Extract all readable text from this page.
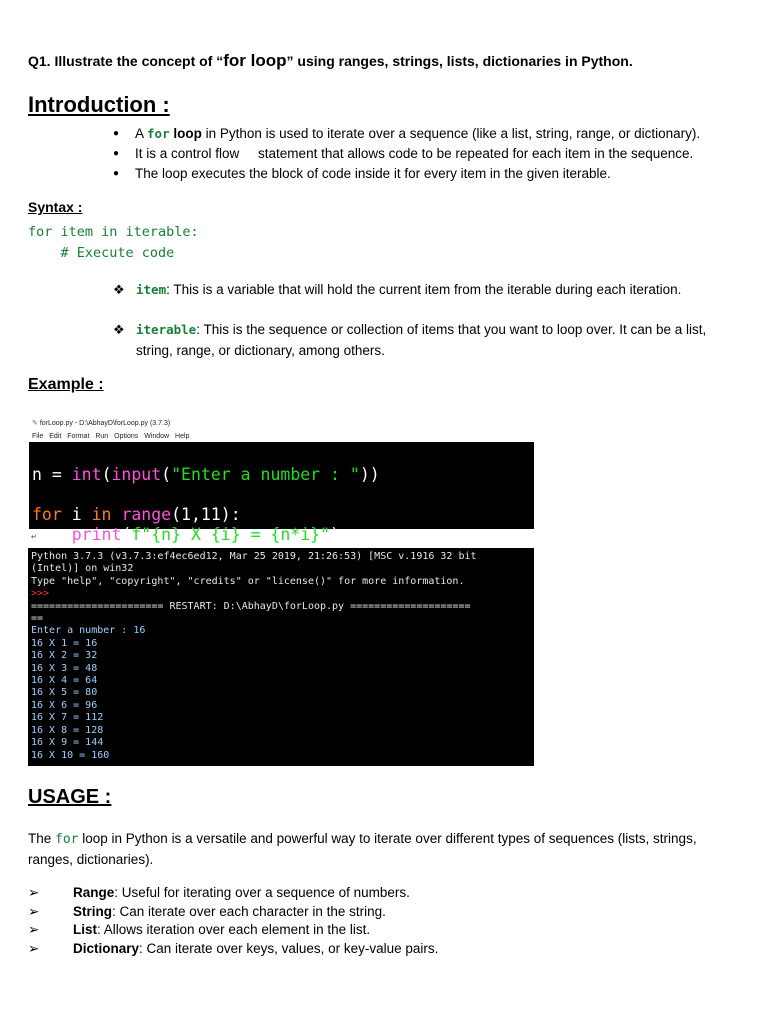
Q1. Illustrate the concept of “for loop” using ranges, strings, lists, dictionaries in Python.
Introduction :
● A for loop in Python is used to iterate over a sequence (like a list, string, range, or dictionary).
● It is a control flow     statement that allows code to be repeated for each item in the sequence.
● The loop executes the block of code inside it for every item in the given iterable.
Syntax :
for item in iterable:
# Execute code
❖ item: This is a variable that will hold the current item from the iterable during each iteration.
❖ iterable: This is the sequence or collection of items that you want to loop over. It can be a list,
string, range, or dictionary, among others.
Example :
✎ forLoop.py - D:\AbhayD\forLoop.py (3.7.3)
File Edit Format Run Options Window Help

n = int(input("Enter a number : "))

for i in range(1,11):
print(f"{n} X {i} = {n*i}")
↵
Python 3.7.3 (v3.7.3:ef4ec6ed12, Mar 25 2019, 21:26:53) [MSC v.1916 32 bit
(Intel)] on win32
Type "help", "copyright", "credits" or "license()" for more information.
>>>
====================== RESTART: D:\AbhayD\forLoop.py ====================
==
Enter a number : 16
16 X 1 = 16
16 X 2 = 32
16 X 3 = 48
16 X 4 = 64
16 X 5 = 80
16 X 6 = 96
16 X 7 = 112
16 X 8 = 128
16 X 9 = 144
16 X 10 = 160
USAGE :
The for loop in Python is a versatile and powerful way to iterate over different types of sequences (lists, strings, ranges, dictionaries).
➢ Range: Useful for iterating over a sequence of numbers.
➢ String: Can iterate over each character in the string.
➢ List: Allows iteration over each element in the list.
➢ Dictionary: Can iterate over keys, values, or key-value pairs.
